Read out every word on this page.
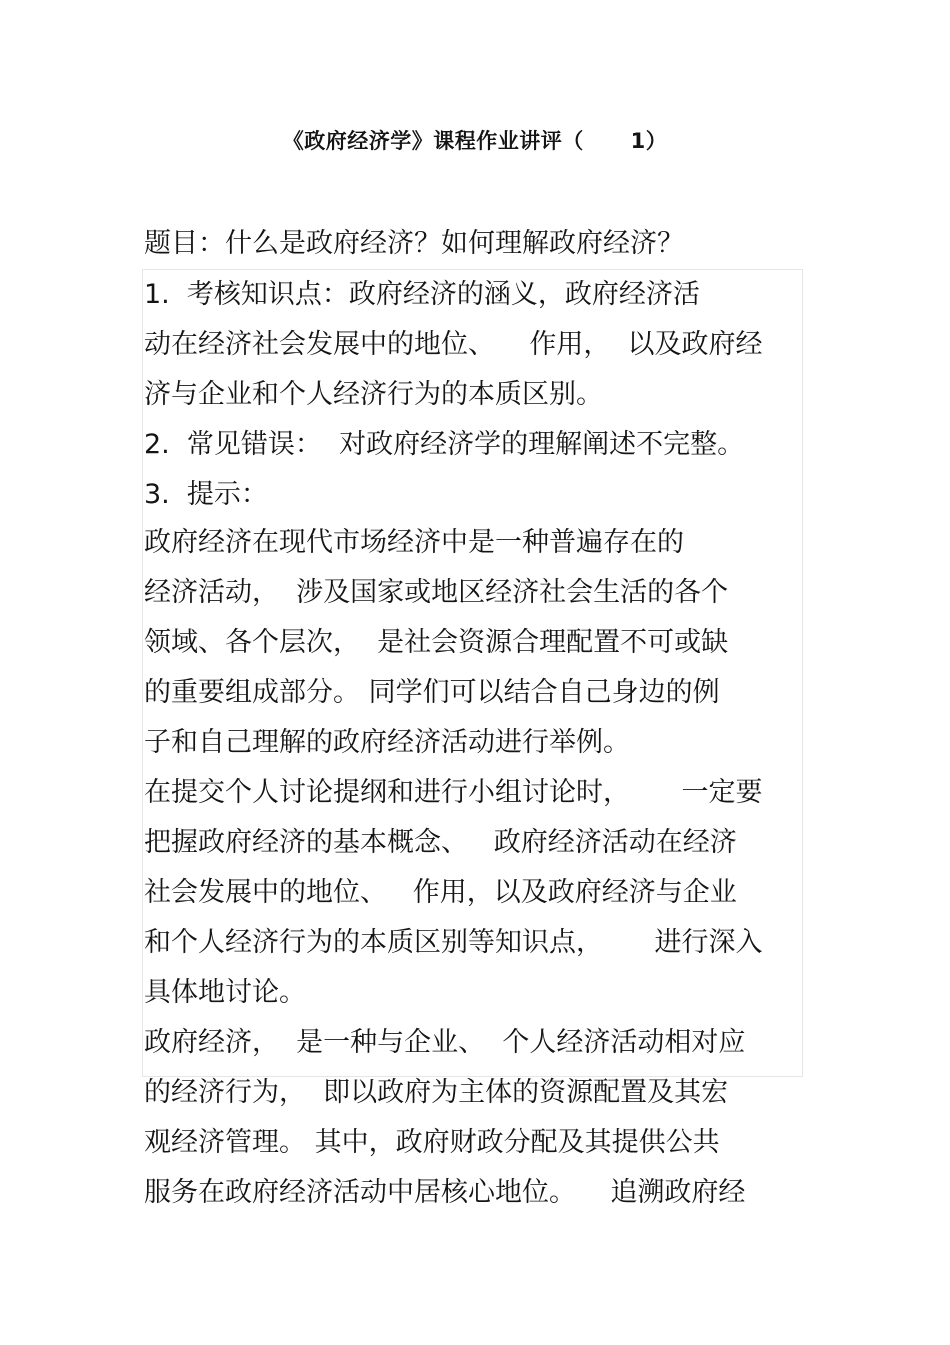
《政府经济学》课程作业讲评（      1）

题目：什么是政府经济？如何理解政府经济？

1.  考核知识点：政府经济的涵义，政府经济活

动在经济社会发展中的地位、    作用，  以及政府经

济与企业和个人经济行为的本质区别。

2.  常见错误：  对政府经济学的理解阐述不完整。

3.  提示：

政府经济在现代市场经济中是一种普遍存在的

经济活动，  涉及国家或地区经济社会生活的各个

领域、各个层次，  是社会资源合理配置不可或缺

的重要组成部分。 同学们可以结合自己身边的例

子和自己理解的政府经济活动进行举例。

在提交个人讨论提纲和进行小组讨论时，      一定要

把握政府经济的基本概念、   政府经济活动在经济

社会发展中的地位、   作用，以及政府经济与企业

和个人经济行为的本质区别等知识点，      进行深入

具体地讨论。

政府经济，  是一种与企业、  个人经济活动相对应

的经济行为，  即以政府为主体的资源配置及其宏

观经济管理。 其中，政府财政分配及其提供公共

服务在政府经济活动中居核心地位。    追溯政府经
